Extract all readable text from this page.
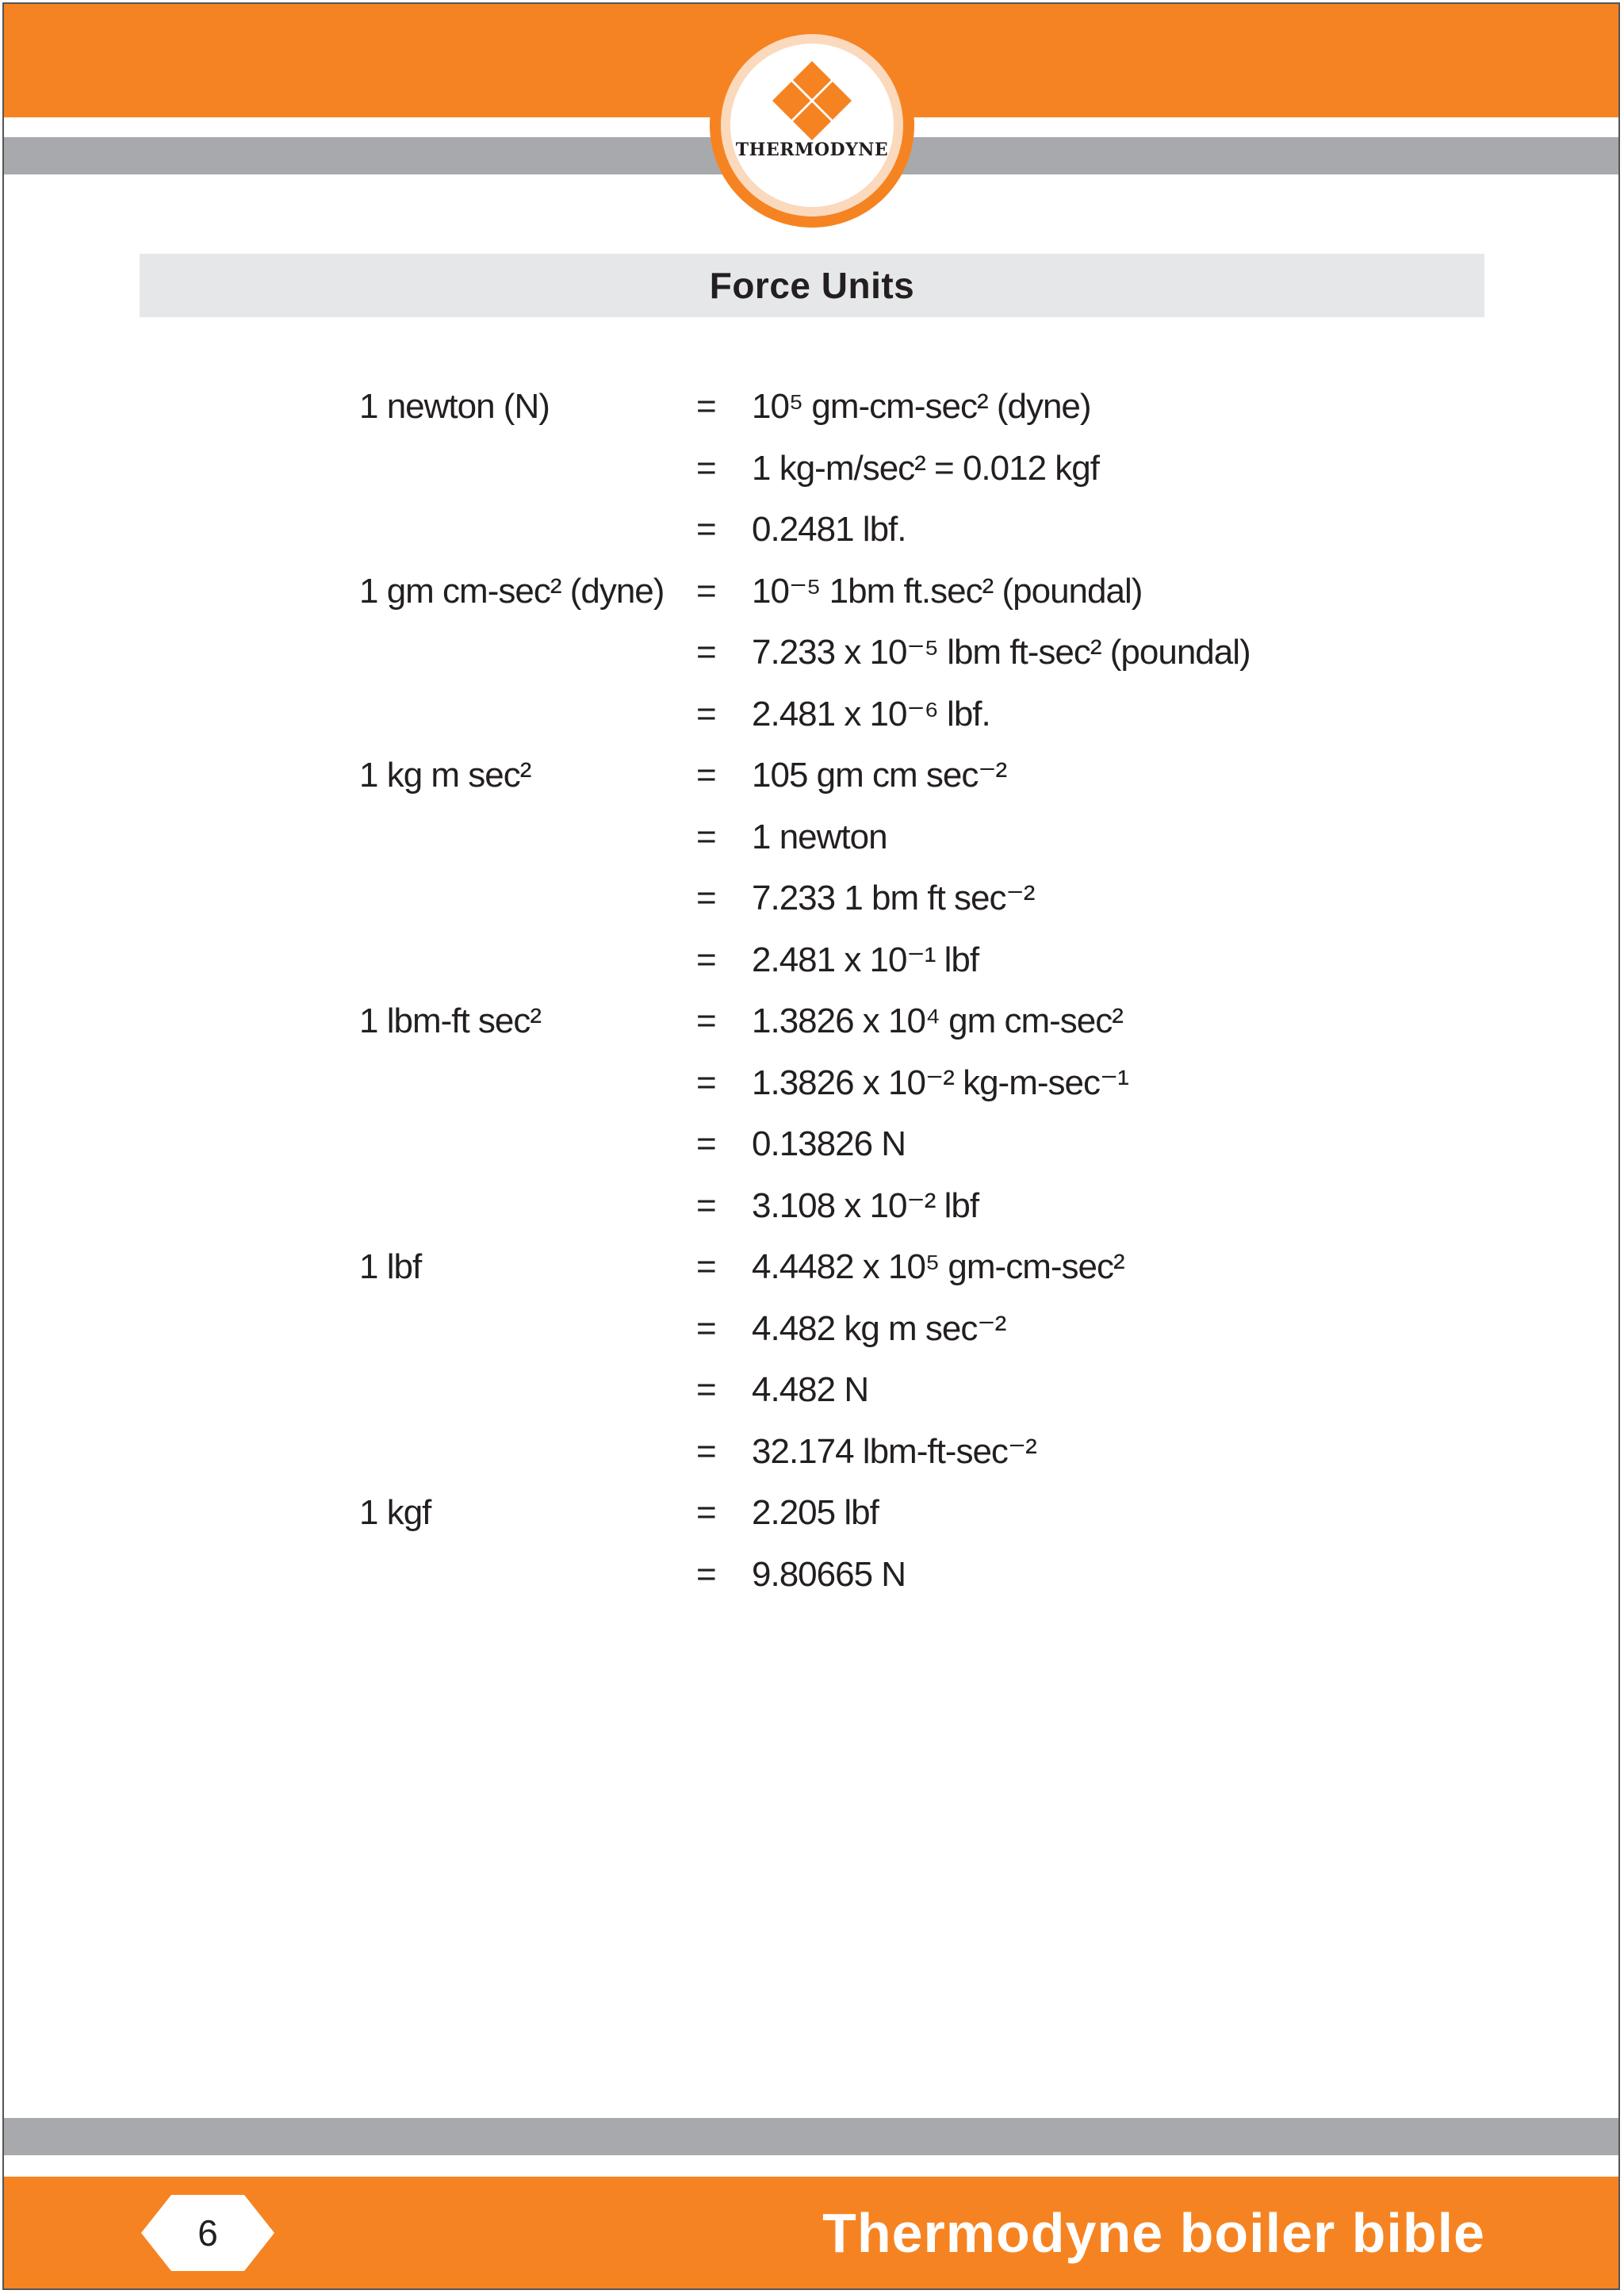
THERMODYNE
Force Units
1 newton (N)	= 10⁵ gm-cm-sec² (dyne)
= 1 kg-m/sec² = 0.012 kgf
= 0.2481 lbf.
1 gm cm-sec² (dyne) = 10⁻⁵ 1bm ft.sec² (poundal)
= 7.233 x 10⁻⁵ lbm ft-sec² (poundal)
= 2.481 x 10⁻⁶ lbf.
1 kg m sec²	= 105 gm cm sec⁻²
= 1 newton
= 7.233 1 bm ft sec⁻²
= 2.481 x 10⁻¹ lbf
1 lbm-ft sec²	= 1.3826 x 10⁴ gm cm-sec²
= 1.3826 x 10⁻² kg-m-sec⁻¹
= 0.13826 N
= 3.108 x 10⁻² lbf
1 lbf	= 4.4482 x 10⁵ gm-cm-sec²
= 4.482 kg m sec⁻²
= 4.482 N
= 32.174 lbm-ft-sec⁻²
1 kgf	= 2.205 lbf
= 9.80665 N
6	Thermodyne boiler bible
